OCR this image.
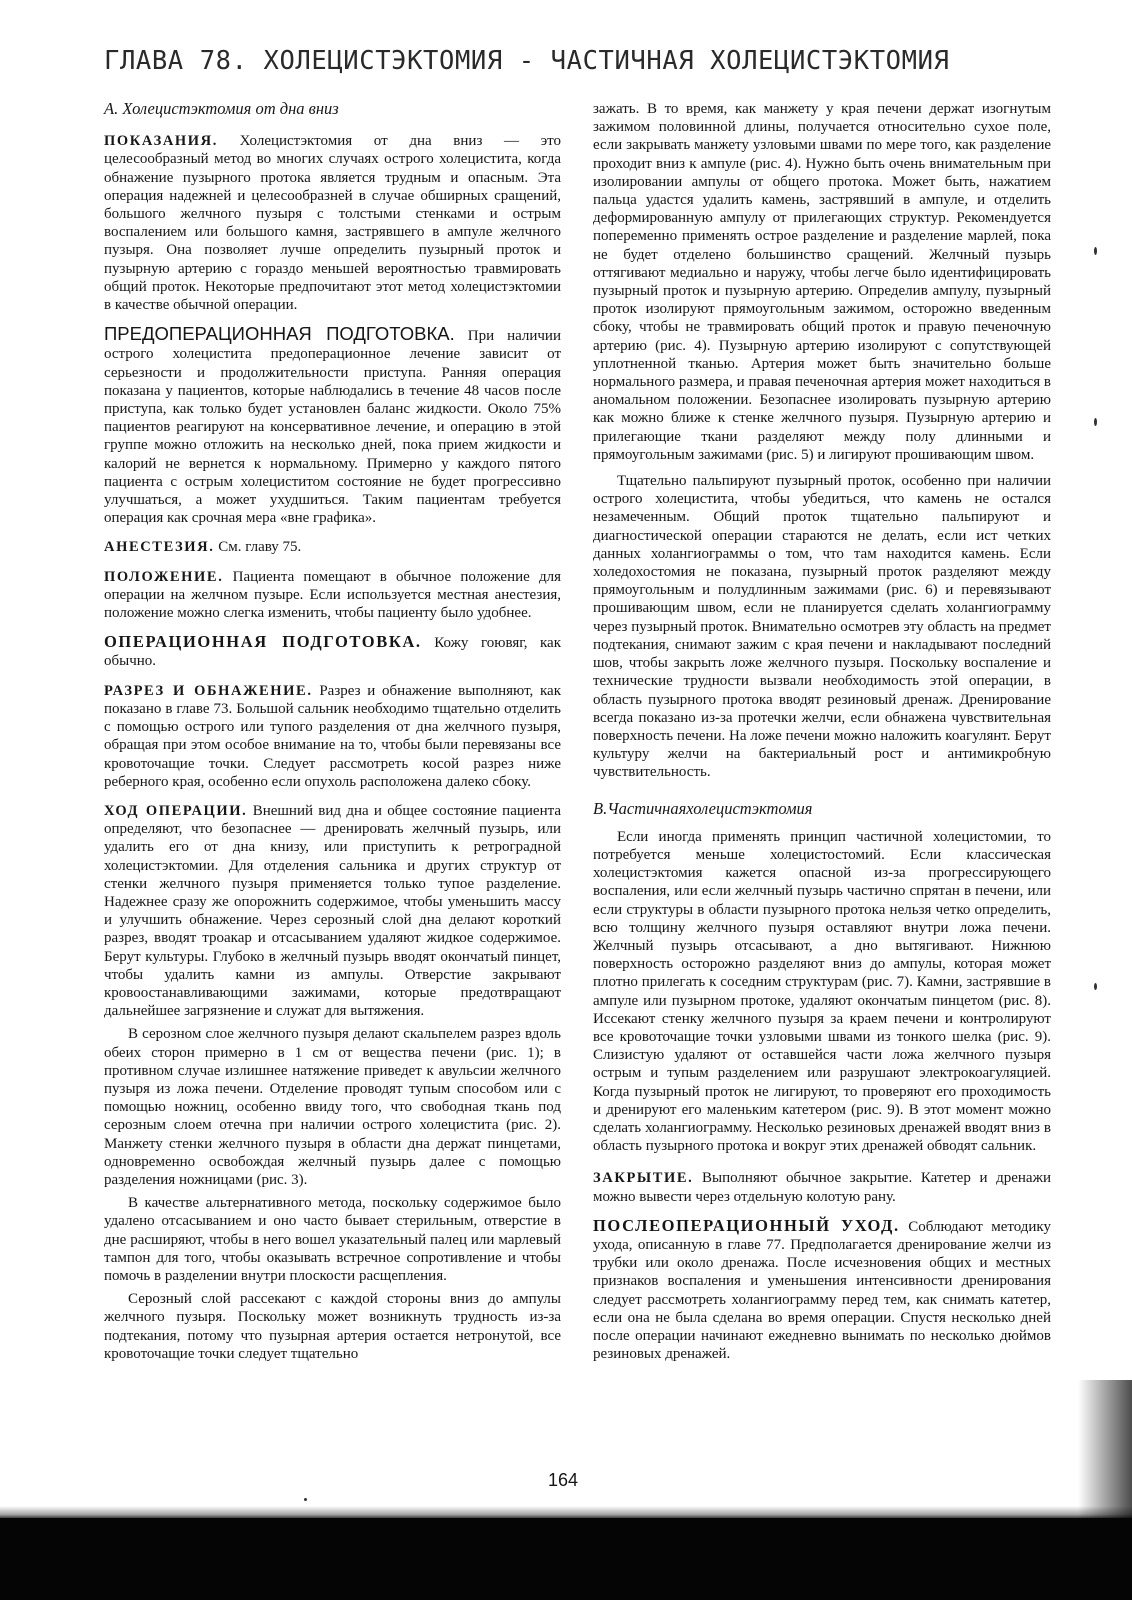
ГЛАВА 78. ХОЛЕЦИСТЭКТОМИЯ - ЧАСТИЧНАЯ ХОЛЕЦИСТЭКТОМИЯ
А. Холецистэктомия от дна вниз

ПОКАЗАНИЯ. Холецистэктомия от дна вниз — это целесообразный метод во многих случаях острого холецистита, когда обнажение пузырного протока является трудным и опасным. Эта операция надежней и целесообразней в случае обширных сращений, большого желчного пузыря с толстыми стенками и острым воспалением или большого камня, застрявшего в ампуле желчного пузыря. Она позволяет лучше определить пузырный проток и пузырную артерию с гораздо меньшей вероятностью травмировать общий проток. Некоторые предпочитают этот метод холецистэктомии в качестве обычной операции.

ПРЕДОПЕРАЦИОННАЯ ПОДГОТОВКА. При наличии острого холецистита предоперационное лечение зависит от серьезности и продолжительности приступа. Ранняя операция показана у пациентов, которые наблюдались в течение 48 часов после приступа, как только будет установлен баланс жидкости. Около 75% пациентов реагируют на консервативное лечение, и операцию в этой группе можно отложить на несколько дней, пока прием жидкости и калорий не вернется к нормальному. Примерно у каждого пятого пациента с острым холециститом состояние не будет прогрессивно улучшаться, а может ухудшиться. Таким пациентам требуется операция как срочная мера «вне графика».

АНЕСТЕЗИЯ. См. главу 75.

ПОЛОЖЕНИЕ. Пациента помещают в обычное положение для операции на желчном пузыре. Если используется местная анестезия, положение можно слегка изменить, чтобы пациенту было удобнее.

ОПЕРАЦИОННАЯ ПОДГОТОВКА. Кожу гоювяг, как обычно.

РАЗРЕЗ И ОБНАЖЕНИЕ. Разрез и обнажение выполняют, как показано в главе 73. Большой сальник необходимо тщательно отделить с помощью острого или тупого разделения от дна желчного пузыря, обращая при этом особое внимание на то, чтобы были перевязаны все кровоточащие точки. Следует рассмотреть косой разрез ниже реберного края, особенно если опухоль расположена далеко сбоку.

ХОД ОПЕРАЦИИ. Внешний вид дна и общее состояние пациента определяют, что безопаснее — дренировать желчный пузырь, или удалить его от дна книзу, или приступить к ретроградной холецистэктомии. Для отделения сальника и других структур от стенки желчного пузыря применяется только тупое разделение. Надежнее сразу же опорожнить содержимое, чтобы уменьшить массу и улучшить обнажение. Через серозный слой дна делают короткий разрез, вводят троакар и отсасыванием удаляют жидкое содержимое. Берут культуры. Глубоко в желчный пузырь вводят окончатый пинцет, чтобы удалить камни из ампулы. Отверстие закрывают кровоостанавливающими зажимами, которые предотвращают дальнейшее загрязнение и служат для вытяжения.

В серозном слое желчного пузыря делают скальпелем разрез вдоль обеих сторон примерно в 1 см от вещества печени (рис. 1); в противном случае излишнее натяжение приведет к авульсии желчного пузыря из ложа печени. Отделение проводят тупым способом или с помощью ножниц, особенно ввиду того, что свободная ткань под серозным слоем отечна при наличии острого холецистита (рис. 2). Манжету стенки желчного пузыря в области дна держат пинцетами, одновременно освобождая желчный пузырь далее с помощью разделения ножницами (рис. 3).

В качестве альтернативного метода, поскольку содержимое было удалено отсасыванием и оно часто бывает стерильным, отверстие в дне расширяют, чтобы в него вошел указательный палец или марлевый тампон для того, чтобы оказывать встречное сопротивление и чтобы помочь в разделении внутри плоскости расщепления.

Серозный слой рассекают с каждой стороны вниз до ампулы желчного пузыря. Поскольку может возникнуть трудность из-за подтекания, потому что пузырная артерия остается нетронутой, все кровоточащие точки следует тщательно

зажать. В то время, как манжету у края печени держат изогнутым зажимом половинной длины, получается относительно сухое поле, если закрывать манжету узловыми швами по мере того, как разделение проходит вниз к ампуле (рис. 4). Нужно быть очень внимательным при изолировании ампулы от общего протока. Может быть, нажатием пальца удастся удалить камень, застрявший в ампуле, и отделить деформированную ампулу от прилегающих структур. Рекомендуется попеременно применять острое разделение и разделение марлей, пока не будет отделено большинство сращений. Желчный пузырь оттягивают медиально и наружу, чтобы легче было идентифицировать пузырный проток и пузырную артерию. Определив ампулу, пузырный проток изолируют прямоугольным зажимом, осторожно введенным сбоку, чтобы не травмировать общий проток и правую печеночную артерию (рис. 4). Пузырную артерию изолируют с сопутствующей уплотненной тканью. Артерия может быть значительно больше нормального размера, и правая печеночная артерия может находиться в аномальном положении. Безопаснее изолировать пузырную артерию как можно ближе к стенке желчного пузыря. Пузырную артерию и прилегающие ткани разделяют между полу длинными и прямоугольным зажимами (рис. 5) и лигируют прошивающим швом.

Тщательно пальпируют пузырный проток, особенно при наличии острого холецистита, чтобы убедиться, что камень не остался незамеченным. Общий проток тщательно пальпируют и диагностической операции стараются не делать, если ист четких данных холангиограммы о том, что там находится камень. Если холедохостомия не показана, пузырный проток разделяют между прямоугольным и полудлинным зажимами (рис. 6) и перевязывают прошивающим швом, если не планируется сделать холангиограмму через пузырный проток. Внимательно осмотрев эту область на предмет подтекания, снимают зажим с края печени и накладывают последний шов, чтобы закрыть ложе желчного пузыря. Поскольку воспаление и технические трудности вызвали необходимость этой операции, в область пузырного протока вводят резиновый дренаж. Дренирование всегда показано из-за протечки желчи, если обнажена чувствительная поверхность печени. На ложе печени можно наложить коагулянт. Берут культуру желчи на бактериальный рост и антимикробную чувствительность.

В.Частичнаяхолецистэктомия

Если иногда применять принцип частичной холецистомии, то потребуется меньше холецистостомий. Если классическая холецистэктомия кажется опасной из-за прогрессирующего воспаления, или если желчный пузырь частично спрятан в печени, или если структуры в области пузырного протока нельзя четко определить, всю толщину желчного пузыря оставляют внутри ложа печени. Желчный пузырь отсасывают, а дно вытягивают. Нижнюю поверхность осторожно разделяют вниз до ампулы, которая может плотно прилегать к соседним структурам (рис. 7). Камни, застрявшие в ампуле или пузырном протоке, удаляют окончатым пинцетом (рис. 8). Иссекают стенку желчного пузыря за краем печени и контролируют все кровоточащие точки узловыми швами из тонкого шелка (рис. 9). Слизистую удаляют от оставшейся части ложа желчного пузыря острым и тупым разделением или разрушают электрокоагуляцией. Когда пузырный проток не лигируют, то проверяют его проходимость и дренируют его маленьким катетером (рис. 9). В этот момент можно сделать холангиограмму. Несколько резиновых дренажей вводят вниз в область пузырного протока и вокруг этих дренажей обводят сальник.

ЗАКРЫТИЕ. Выполняют обычное закрытие. Катетер и дренажи можно вывести через отдельную колотую рану.

ПОСЛЕОПЕРАЦИОННЫЙ УХОД. Соблюдают методику ухода, описанную в главе 77. Предполагается дренирование желчи из трубки или около дренажа. После исчезновения общих и местных признаков воспаления и уменьшения интенсивности дренирования следует рассмотреть холангиограмму перед тем, как снимать катетер, если она не была сделана во время операции. Спустя несколько дней после операции начинают ежедневно вынимать по несколько дюймов резиновых дренажей.

164
